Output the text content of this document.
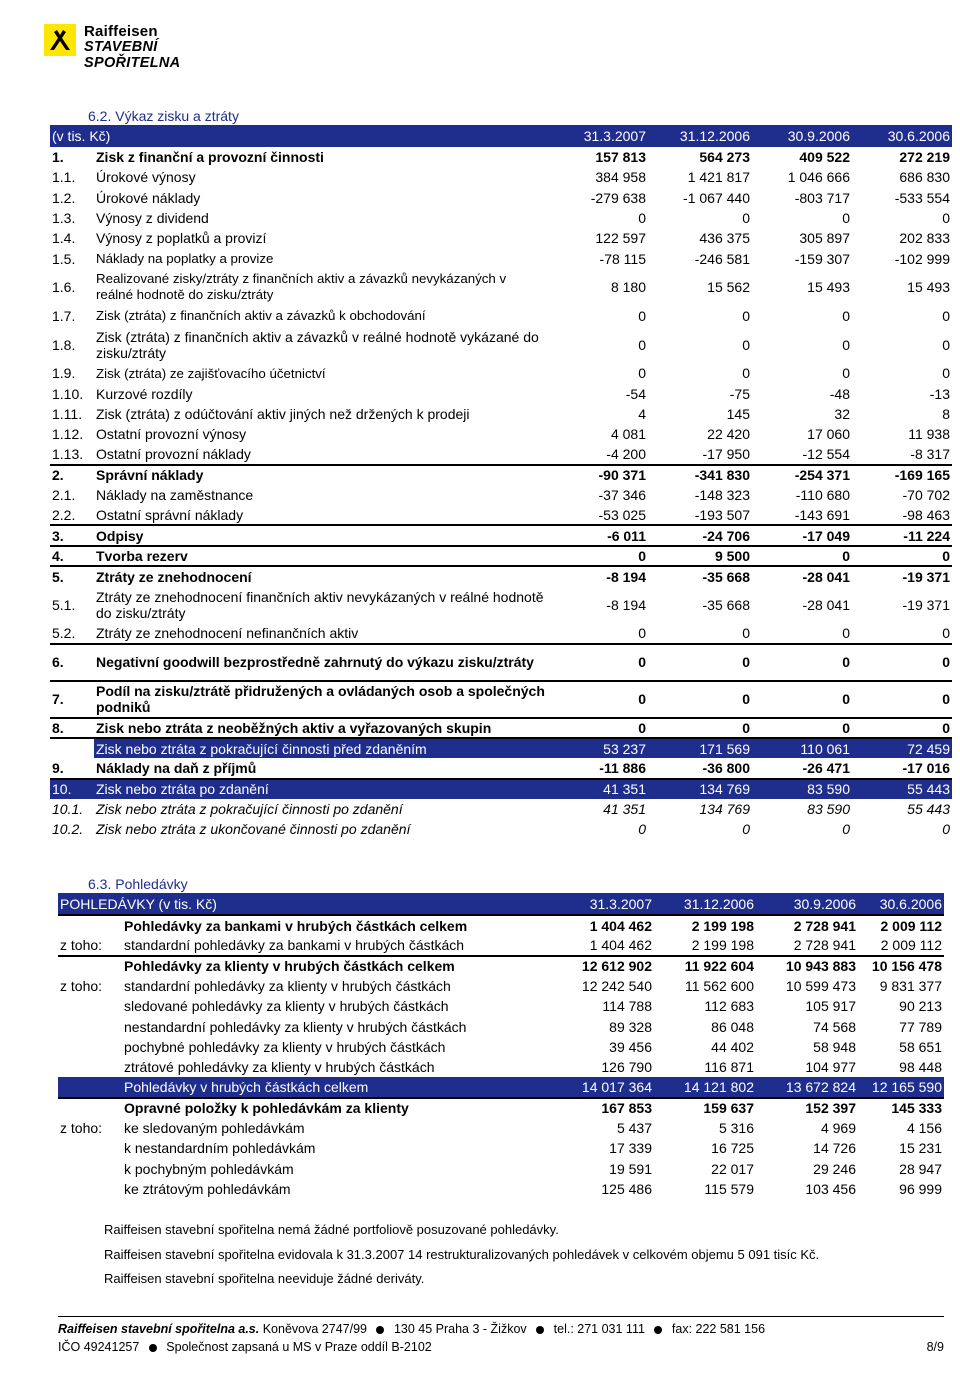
Raiffeisen
STAVEBNÍ SPOŘITELNA
6.2. Výkaz zisku a ztráty
(v tis. Kč)		31.3.2007	31.12.2006	30.9.2006	30.6.2006
1.	Zisk z finanční a provozní činnosti	157 813	564 273	409 522	272 219
1.1.	Úrokové výnosy	384 958	1 421 817	1 046 666	686 830
1.2.	Úrokové náklady	-279 638	-1 067 440	-803 717	-533 554
1.3.	Výnosy z dividend	0	0	0	0
1.4.	Výnosy z poplatků a provizí	122 597	436 375	305 897	202 833
1.5.	Náklady na poplatky a provize	-78 115	-246 581	-159 307	-102 999
1.6.	Realizované zisky/ztráty z finančních aktiv a závazků nevykázaných v reálné hodnotě do zisku/ztráty	8 180	15 562	15 493	15 493
1.7.	Zisk (ztráta) z finančních aktiv a závazků k obchodování	0	0	0	0
1.8.	Zisk (ztráta) z finančních aktiv a závazků v reálné hodnotě vykázané do zisku/ztráty	0	0	0	0
1.9.	Zisk (ztráta) ze zajišťovacího účetnictví	0	0	0	0
1.10.	Kurzové rozdíly	-54	-75	-48	-13
1.11.	Zisk (ztráta) z odúčtování aktiv jiných než držených k prodeji	4	145	32	8
1.12.	Ostatní provozní výnosy	4 081	22 420	17 060	11 938
1.13.	Ostatní provozní náklady	-4 200	-17 950	-12 554	-8 317
2.	Správní náklady	-90 371	-341 830	-254 371	-169 165
2.1.	Náklady na zaměstnance	-37 346	-148 323	-110 680	-70 702
2.2.	Ostatní správní náklady	-53 025	-193 507	-143 691	-98 463
3.	Odpisy	-6 011	-24 706	-17 049	-11 224
4.	Tvorba rezerv	0	9 500	0	0
5.	Ztráty ze znehodnocení	-8 194	-35 668	-28 041	-19 371
5.1.	Ztráty ze znehodnocení finančních aktiv nevykázaných v reálné hodnotě do zisku/ztráty	-8 194	-35 668	-28 041	-19 371
5.2.	Ztráty ze znehodnocení nefinančních aktiv	0	0	0	0
6.	Negativní goodwill bezprostředně zahrnutý do výkazu zisku/ztráty	0	0	0	0
7.	Podíl na zisku/ztrátě přidružených a ovládaných osob a společných podniků	0	0	0	0
8.	Zisk nebo ztráta z neoběžných aktiv a vyřazovaných skupin	0	0	0	0
	Zisk nebo ztráta z pokračující činnosti před zdaněním	53 237	171 569	110 061	72 459
9.	Náklady na daň z příjmů	-11 886	-36 800	-26 471	-17 016
10.	Zisk nebo ztráta po zdanění	41 351	134 769	83 590	55 443
10.1.	Zisk nebo ztráta z pokračující činnosti po zdanění	41 351	134 769	83 590	55 443
10.2.	Zisk nebo ztráta z ukončované činnosti po zdanění	0	0	0	0
6.3. Pohledávky
POHLEDÁVKY (v tis. Kč)		31.3.2007	31.12.2006	30.9.2006	30.6.2006
	Pohledávky za bankami v hrubých částkách celkem	1 404 462	2 199 198	2 728 941	2 009 112
z toho:	standardní pohledávky za bankami v hrubých částkách	1 404 462	2 199 198	2 728 941	2 009 112
	Pohledávky za klienty v hrubých částkách celkem	12 612 902	11 922 604	10 943 883	10 156 478
z toho:	standardní pohledávky za klienty v hrubých částkách	12 242 540	11 562 600	10 599 473	9 831 377
	sledované pohledávky za klienty v hrubých částkách	114 788	112 683	105 917	90 213
	nestandardní pohledávky za klienty v hrubých částkách	89 328	86 048	74 568	77 789
	pochybné pohledávky za klienty v hrubých částkách	39 456	44 402	58 948	58 651
	ztrátové pohledávky za klienty v hrubých částkách	126 790	116 871	104 977	98 448
	Pohledávky v hrubých částkách celkem	14 017 364	14 121 802	13 672 824	12 165 590
	Opravné položky k pohledávkám za klienty	167 853	159 637	152 397	145 333
z toho:	ke sledovaným pohledávkám	5 437	5 316	4 969	4 156
	k nestandardním pohledávkám	17 339	16 725	14 726	15 231
	k pochybným pohledávkám	19 591	22 017	29 246	28 947
	ke ztrátovým pohledávkám	125 486	115 579	103 456	96 999
Raiffeisen stavební spořitelna nemá žádné portfoliově posuzované pohledávky.
Raiffeisen stavební spořitelna evidovala k 31.3.2007 14 restrukturalizovaných pohledávek v celkovém objemu 5 091 tisíc Kč.
Raiffeisen stavební spořitelna neeviduje žádné deriváty.
Raiffeisen stavební spořitelna a.s. Koněvova 2747/99 130 45 Praha 3 - Žižkov tel.: 271 031 111 fax: 222 581 156
IČO 49241257 Společnost zapsaná u MS v Praze oddíl B-2102	8/9
